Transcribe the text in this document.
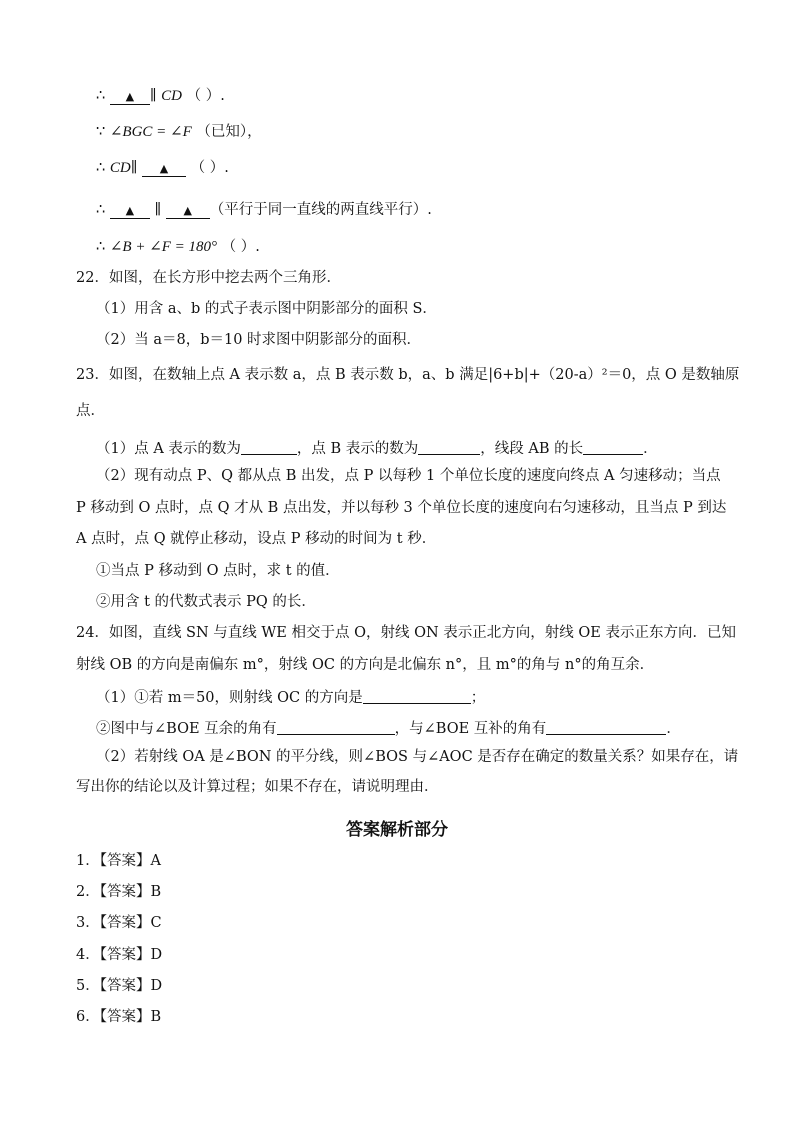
∴ ▲ ∥ CD （ ）.
∵ ∠BGC = ∠F （已知），
∴ CD∥ ▲ （ ）.
∴ ▲ ∥ ▲ （平行于同一直线的两直线平行）.
∴ ∠B + ∠F = 180° （ ）.
22．如图，在长方形中挖去两个三角形．
（1）用含 a、b 的式子表示图中阴影部分的面积 S．
（2）当 a＝8，b＝10 时求图中阴影部分的面积．
23．如图，在数轴上点 A 表示数 a，点 B 表示数 b，a、b 满足|6+b|+（20-a）²＝0，点 O 是数轴原
点．
（1）点 A 表示的数为	，点 B 表示的数为	，线段 AB 的长	．
（2）现有动点 P、Q 都从点 B 出发，点 P 以每秒 1 个单位长度的速度向终点 A 匀速移动；当点
P 移动到 O 点时，点 Q 才从 B 点出发，并以每秒 3 个单位长度的速度向右匀速移动，且当点 P 到达
A 点时，点 Q 就停止移动，设点 P 移动的时间为 t 秒．
①当点 P 移动到 O 点时，求 t 的值．
②用含 t 的代数式表示 PQ 的长．
24．如图，直线 SN 与直线 WE 相交于点 O，射线 ON 表示正北方向，射线 OE 表示正东方向．已知
射线 OB 的方向是南偏东 m°，射线 OC 的方向是北偏东 n°，且 m°的角与 n°的角互余．
（1）①若 m＝50，则射线 OC 的方向是	；
②图中与∠BOE 互余的角有	，与∠BOE 互补的角有	．
（2）若射线 OA 是∠BON 的平分线，则∠BOS 与∠AOC 是否存在确定的数量关系？如果存在，请
写出你的结论以及计算过程；如果不存在，请说明理由．
答案解析部分
1．【答案】A
2．【答案】B
3．【答案】C
4．【答案】D
5．【答案】D
6．【答案】B
